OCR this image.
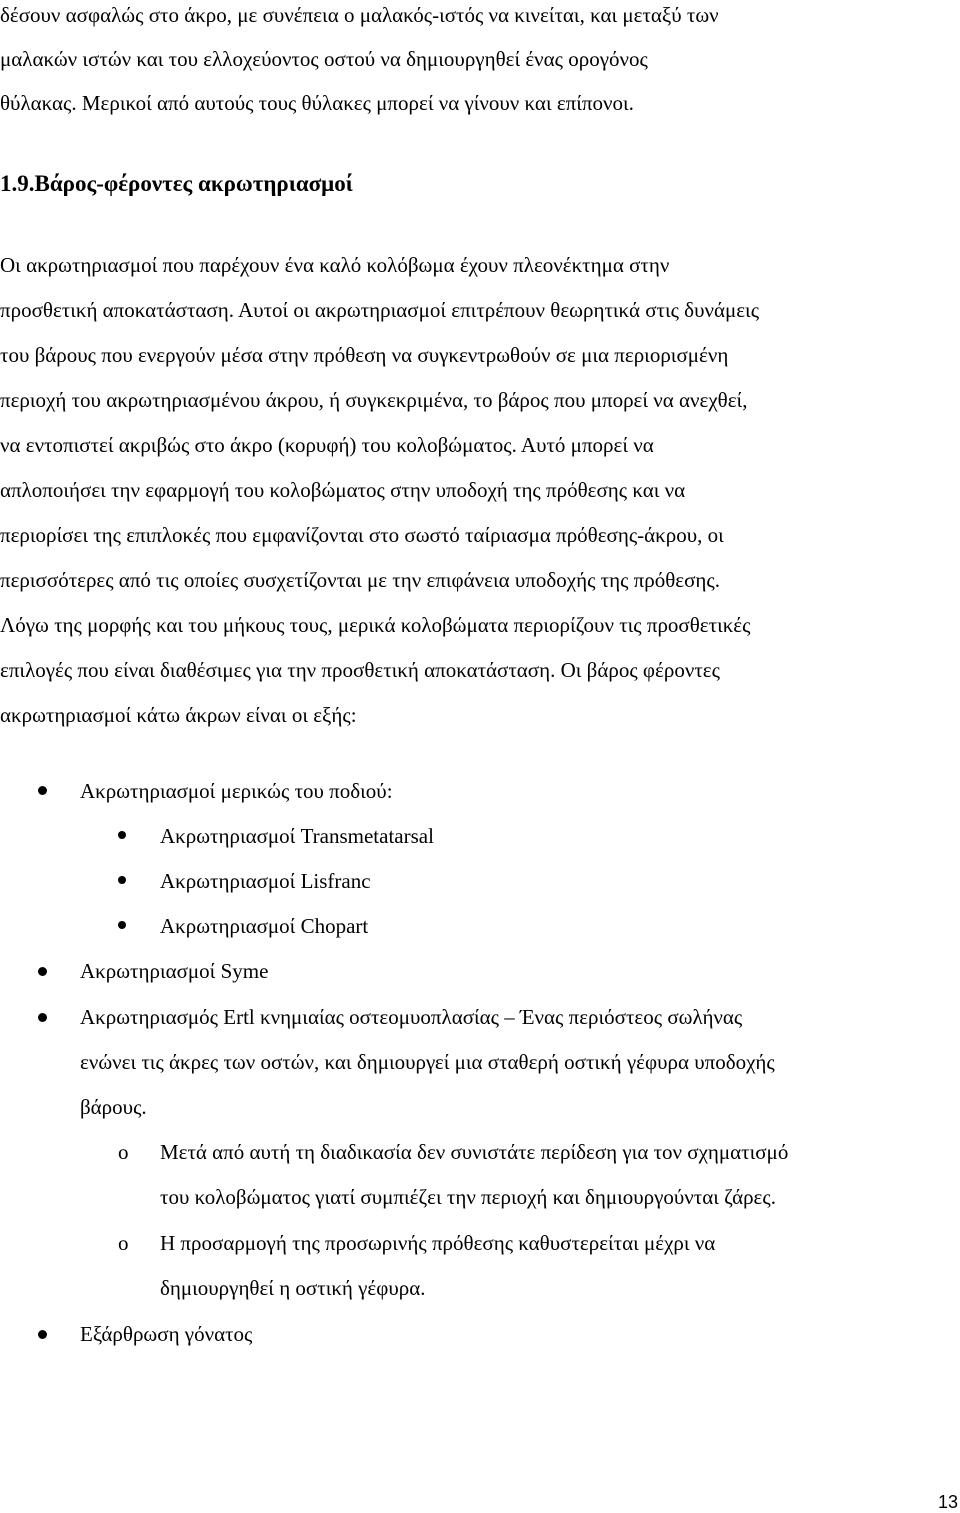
δέσουν ασφαλώς στο άκρο, με συνέπεια ο μαλακός-ιστός να κινείται, και μεταξύ των

μαλακών ιστών και του ελλοχεύοντος οστού να δημιουργηθεί ένας ορογόνος

θύλακας. Μερικοί από αυτούς τους θύλακες μπορεί να γίνουν και επίπονοι.

1.9.Βάρος-φέροντες ακρωτηριασμοί

Οι ακρωτηριασμοί που παρέχουν ένα καλό κολόβωμα έχουν πλεονέκτημα στην

προσθετική αποκατάσταση. Αυτοί οι ακρωτηριασμοί επιτρέπουν θεωρητικά στις δυνάμεις

του βάρους που ενεργούν μέσα στην πρόθεση να συγκεντρωθούν σε μια περιορισμένη

περιοχή του ακρωτηριασμένου άκρου, ή συγκεκριμένα, το βάρος που μπορεί να ανεχθεί,

να εντοπιστεί ακριβώς στο άκρο (κορυφή) του κολοβώματος. Αυτό μπορεί να

απλοποιήσει την εφαρμογή του κολοβώματος στην υποδοχή της πρόθεσης και να

περιορίσει της επιπλοκές που εμφανίζονται στο σωστό ταίριασμα πρόθεσης-άκρου, οι

περισσότερες από τις οποίες συσχετίζονται με την επιφάνεια υποδοχής της πρόθεσης.

Λόγω της μορφής και του μήκους τους, μερικά κολοβώματα περιορίζουν τις προσθετικές

επιλογές που είναι διαθέσιμες για την προσθετική αποκατάσταση. Οι βάρος φέροντες

ακρωτηριασμοί κάτω άκρων είναι οι εξής:

Ακρωτηριασμοί μερικώς του ποδιού:

Ακρωτηριασμοί Transmetatarsal

Ακρωτηριασμοί Lisfranc

Ακρωτηριασμοί Chopart

Ακρωτηριασμοί Syme

Ακρωτηριασμός Ertl κνημιαίας οστεομυοπλασίας – Ένας περιόστεος σωλήνας

ενώνει τις άκρες των οστών, και δημιουργεί μια σταθερή οστική γέφυρα υποδοχής

βάρους.

o Μετά από αυτή τη διαδικασία δεν συνιστάτε περίδεση για τον σχηματισμό

του κολοβώματος γιατί συμπιέζει την περιοχή και δημιουργούνται ζάρες.

o Η προσαρμογή της προσωρινής πρόθεσης καθυστερείται μέχρι να

δημιουργηθεί η οστική γέφυρα.

Εξάρθρωση γόνατος

13
